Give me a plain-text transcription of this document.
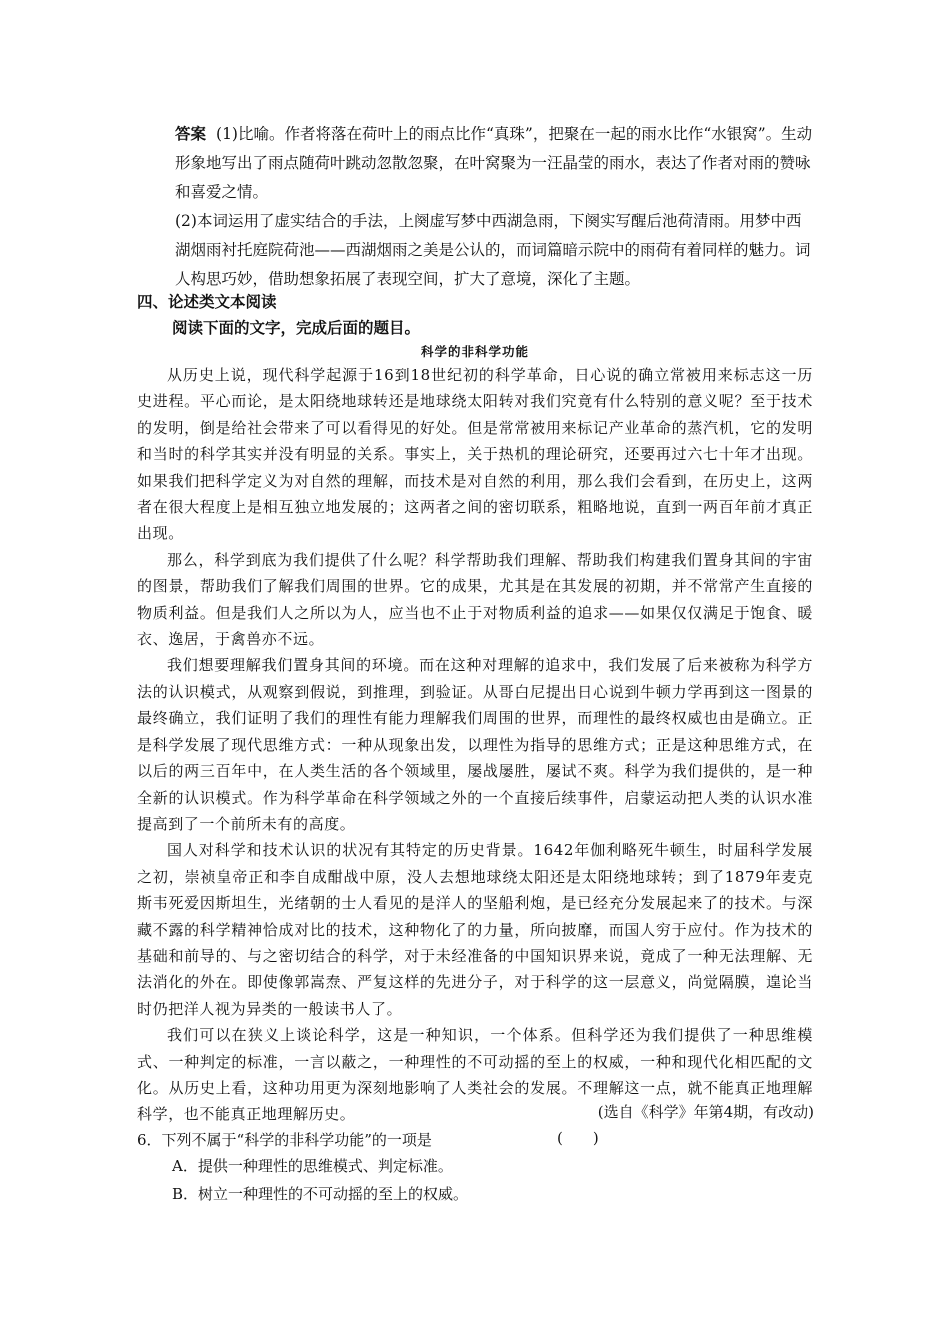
答案 (1)比喻。作者将落在荷叶上的雨点比作“真珠”，把聚在一起的雨水比作“水银窝”。生动形象地写出了雨点随荷叶跳动忽散忽聚，在叶窝聚为一汪晶莹的雨水，表达了作者对雨的赞咏和喜爱之情。
(2)本词运用了虚实结合的手法，上阕虚写梦中西湖急雨，下阕实写醒后池荷清雨。用梦中西湖烟雨衬托庭院荷池——西湖烟雨之美是公认的，而词篇暗示院中的雨荷有着同样的魅力。词人构思巧妙，借助想象拓展了表现空间，扩大了意境，深化了主题。
四、论述类文本阅读
阅读下面的文字，完成后面的题目。
科学的非科学功能

从历史上说，现代科学起源于16到18世纪初的科学革命，日心说的确立常被用来标志这一历史进程。平心而论，是太阳绕地球转还是地球绕太阳转对我们究竟有什么特别的意义呢？至于技术的发明，倒是给社会带来了可以看得见的好处。但是常常被用来标记产业革命的蒸汽机，它的发明和当时的科学其实并没有明显的关系。事实上，关于热机的理论研究，还要再过六七十年才出现。如果我们把科学定义为对自然的理解，而技术是对自然的利用，那么我们会看到，在历史上，这两者在很大程度上是相互独立地发展的；这两者之间的密切联系，粗略地说，直到一两百年前才真正出现。

那么，科学到底为我们提供了什么呢？科学帮助我们理解、帮助我们构建我们置身其间的宇宙的图景，帮助我们了解我们周围的世界。它的成果，尤其是在其发展的初期，并不常常产生直接的物质利益。但是我们人之所以为人，应当也不止于对物质利益的追求——如果仅仅满足于饱食、暖衣、逸居，于禽兽亦不远。

我们想要理解我们置身其间的环境。而在这种对理解的追求中，我们发展了后来被称为科学方法的认识模式，从观察到假说，到推理，到验证。从哥白尼提出日心说到牛顿力学再到这一图景的最终确立，我们证明了我们的理性有能力理解我们周围的世界，而理性的最终权威也由是确立。正是科学发展了现代思维方式：一种从现象出发，以理性为指导的思维方式；正是这种思维方式，在以后的两三百年中，在人类生活的各个领域里，屡战屡胜，屡试不爽。科学为我们提供的，是一种全新的认识模式。作为科学革命在科学领域之外的一个直接后续事件，启蒙运动把人类的认识水准提高到了一个前所未有的高度。

国人对科学和技术认识的状况有其特定的历史背景。1642年伽利略死牛顿生，时届科学发展之初，崇祯皇帝正和李自成酣战中原，没人去想地球绕太阳还是太阳绕地球转；到了1879年麦克斯韦死爱因斯坦生，光绪朝的士人看见的是洋人的坚船利炮，是已经充分发展起来了的技术。与深藏不露的科学精神恰成对比的技术，这种物化了的力量，所向披靡，而国人穷于应付。作为技术的基础和前导的、与之密切结合的科学，对于未经准备的中国知识界来说，竟成了一种无法理解、无法消化的外在。即使像郭嵩焘、严复这样的先进分子，对于科学的这一层意义，尚觉隔膜，遑论当时仍把洋人视为异类的一般读书人了。

我们可以在狭义上谈论科学，这是一种知识，一个体系。但科学还为我们提供了一种思维模式、一种判定的标准，一言以蔽之，一种理性的不可动摇的至上的权威，一种和现代化相匹配的文化。从历史上看，这种功用更为深刻地影响了人类社会的发展。不理解这一点，就不能真正地理解科学，也不能真正地理解历史。	(选自《科学》年第4期，有改动)
6．下列不属于“科学的非科学功能”的一项是	(　　)
A．提供一种理性的思维模式、判定标准。
B．树立一种理性的不可动摇的至上的权威。
